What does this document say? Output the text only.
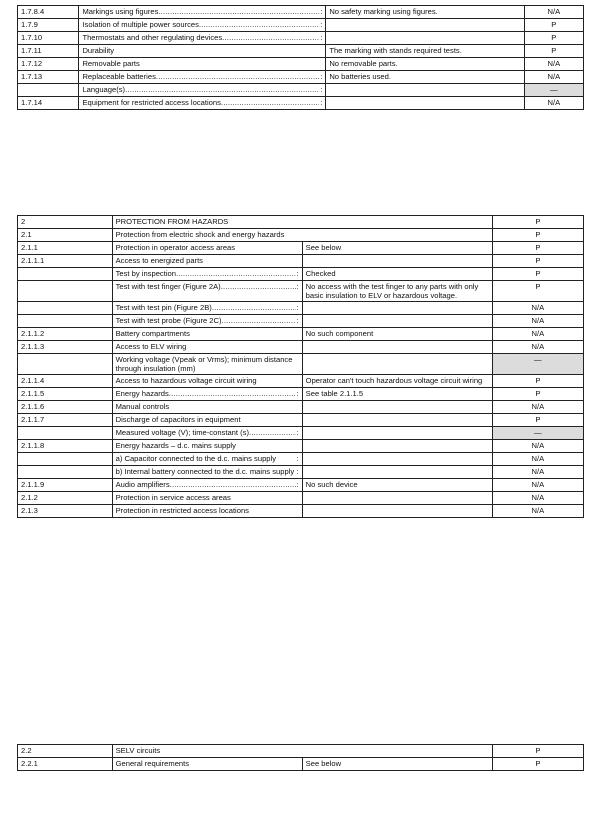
1.7.8.4	Markings using figures ..... :	No safety marking using figures.	N/A
1.7.9	Isolation of multiple power sources ..... :		P
1.7.10	Thermostats and other regulating devices ..... :		P
1.7.11	Durability	The marking with stands required tests.	P
1.7.12	Removable parts	No removable parts.	N/A
1.7.13	Replaceable batteries ..... :	No batteries used.	N/A

	Language(s) ..... :		—
1.7.14	Equipment for restricted access locations ..... :		N/A
2	PROTECTION FROM HAZARDS		P
2.1	Protection from electric shock and energy hazards		P
2.1.1	Protection in operator access areas	See below	P
2.1.1.1	Access to energized parts		P

	Test by inspection ..... :	Checked	P

	Test with test finger (Figure 2A) ..... :	No access with the test finger to any parts with only basic insulation to ELV or hazardous voltage.	P

	Test with test pin (Figure 2B) ..... :		N/A

	Test with test probe (Figure 2C) ..... :		N/A
2.1.1.2	Battery compartments	No such component	N/A
2.1.1.3	Access to ELV wiring		N/A
	Working voltage (Vpeak or Vrms); minimum distance through insulation (mm)		—
2.1.1.4	Access to hazardous voltage circuit wiring	Operator can't touch hazardous voltage circuit wiring	P
2.1.1.5	Energy hazards ..... :	See table 2.1.1.5	P
2.1.1.6	Manual controls		N/A
2.1.1.7	Discharge of capacitors in equipment		P

	Measured voltage (V); time-constant (s) ..... :		—
2.1.1.8	Energy hazards – d.c. mains supply		N/A

	a) Capacitor connected to the d.c. mains supply :		N/A

	b) Internal battery connected to the d.c. mains supply :		N/A
2.1.1.9	Audio amplifiers ..... :	No such device	N/A
2.1.2	Protection in service access areas		N/A
2.1.3	Protection in restricted access locations		N/A
2.2	SELV circuits		P
2.2.1	General requirements	See below	P
